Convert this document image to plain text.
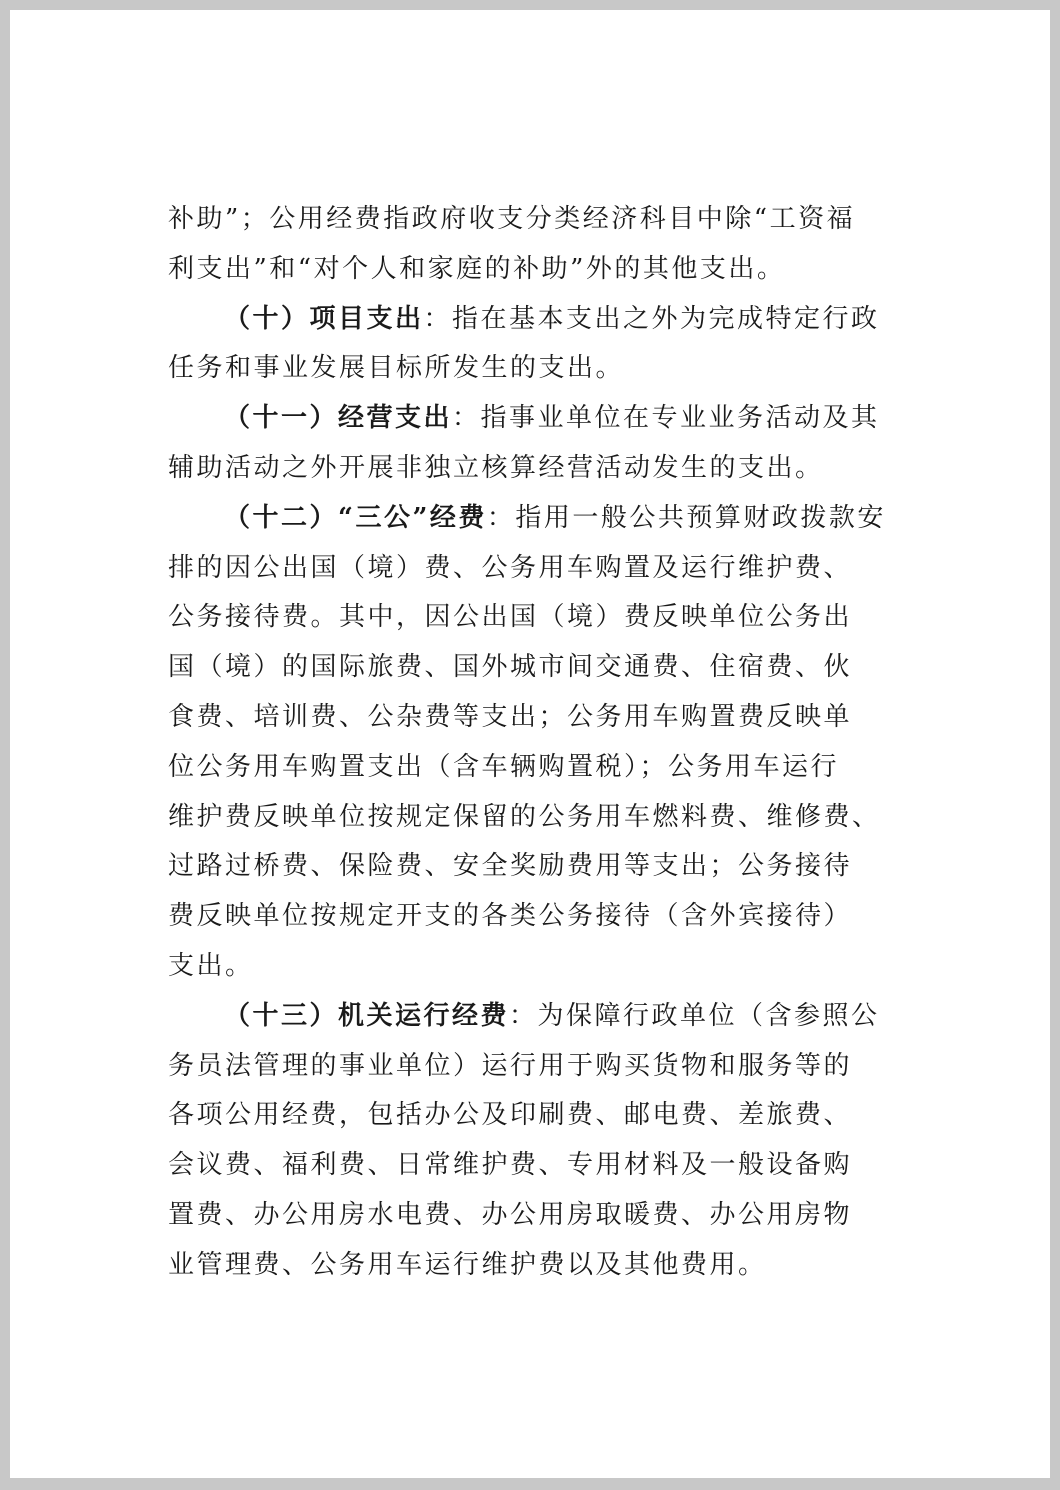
补助”；公用经费指政府收支分类经济科目中除“工资福
利支出”和“对个人和家庭的补助”外的其他支出。
（十）项目支出：指在基本支出之外为完成特定行政
任务和事业发展目标所发生的支出。
（十一）经营支出：指事业单位在专业业务活动及其
辅助活动之外开展非独立核算经营活动发生的支出。
（十二）“三公”经费：指用一般公共预算财政拨款安
排的因公出国（境）费、公务用车购置及运行维护费、
公务接待费。其中，因公出国（境）费反映单位公务出
国（境）的国际旅费、国外城市间交通费、住宿费、伙
食费、培训费、公杂费等支出；公务用车购置费反映单
位公务用车购置支出（含车辆购置税）；公务用车运行
维护费反映单位按规定保留的公务用车燃料费、维修费、
过路过桥费、保险费、安全奖励费用等支出；公务接待
费反映单位按规定开支的各类公务接待（含外宾接待）
支出。
（十三）机关运行经费：为保障行政单位（含参照公
务员法管理的事业单位）运行用于购买货物和服务等的
各项公用经费，包括办公及印刷费、邮电费、差旅费、
会议费、福利费、日常维护费、专用材料及一般设备购
置费、办公用房水电费、办公用房取暖费、办公用房物
业管理费、公务用车运行维护费以及其他费用。
